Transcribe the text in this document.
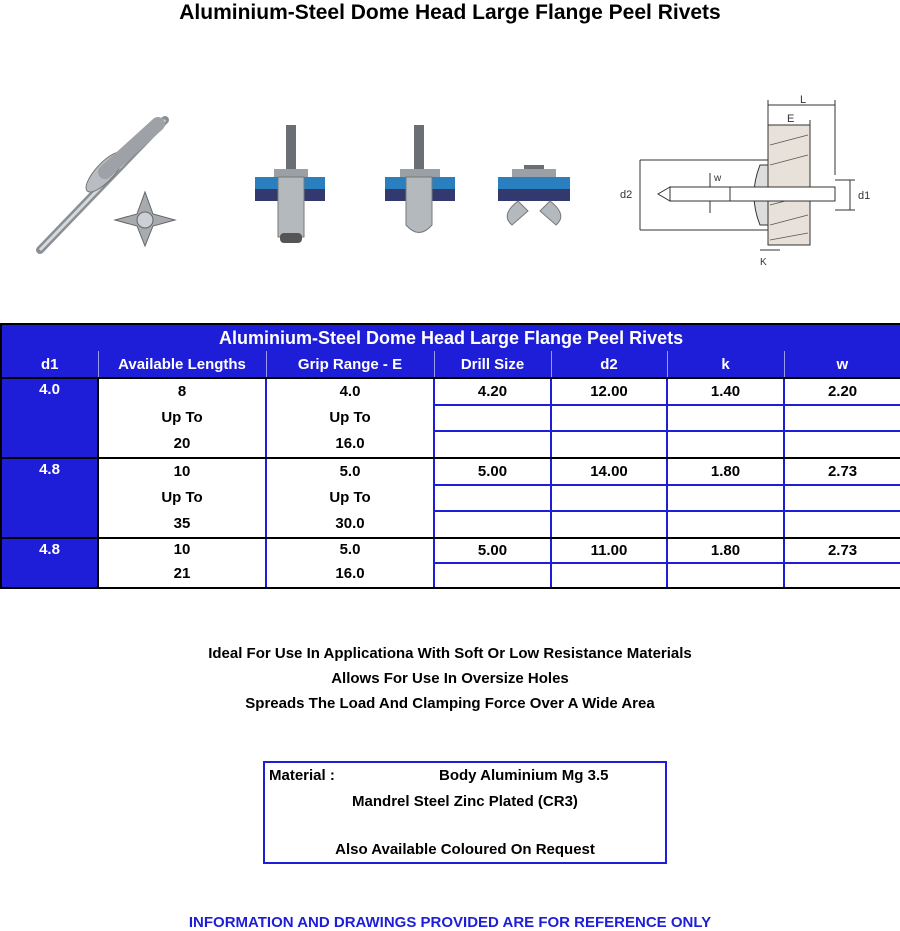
Aluminium-Steel Dome Head Large Flange Peel Rivets
d2	d1
L
E
w
K
Aluminium-Steel Dome Head Large Flange Peel Rivets						
d1	Available Lengths	Grip Range - E	Drill Size	d2	k	w
4.0	8	4.0	4.20	12.00	1.40	2.20
	Up To	Up To				
	20	16.0				
4.8	10	5.0	5.00	14.00	1.80	2.73
	Up To	Up To				
	35	30.0				
4.8	10	5.0	5.00	11.00	1.80	2.73
	21	16.0				
Ideal For Use In Applicationa With Soft Or Low Resistance Materials
Allows For Use In Oversize Holes
Spreads The Load And Clamping Force Over A Wide Area
Material :	Body Aluminium Mg 3.5
Mandrel Steel Zinc Plated (CR3)
Also Available Coloured On Request
INFORMATION AND DRAWINGS PROVIDED ARE FOR REFERENCE ONLY
